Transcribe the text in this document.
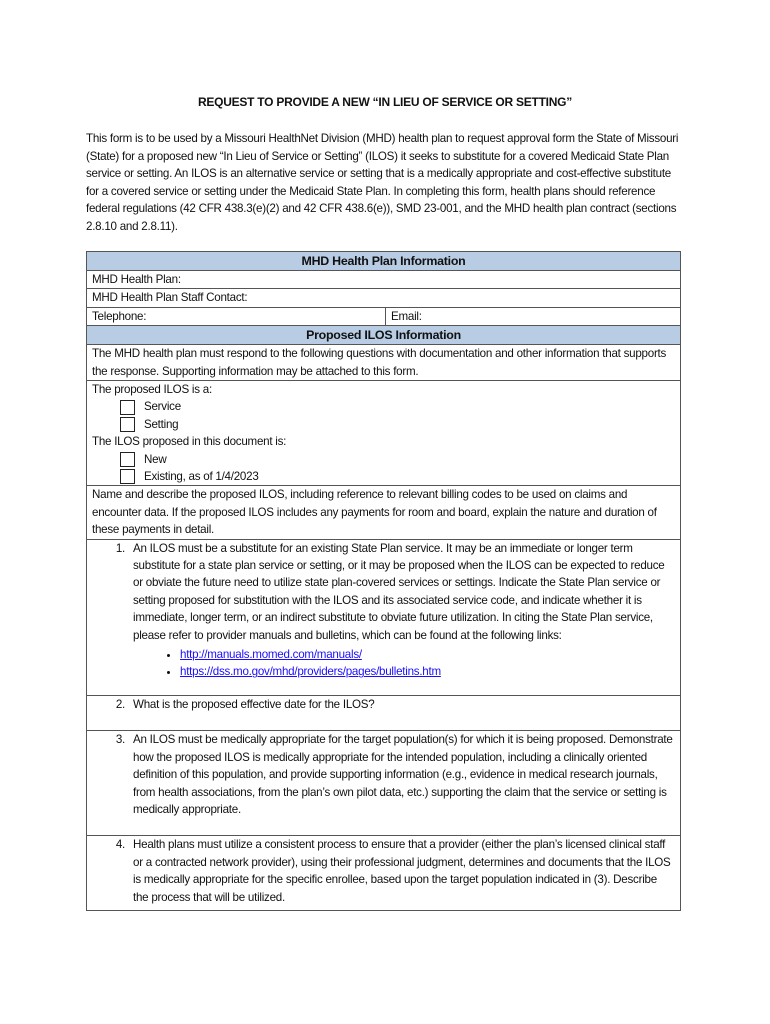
REQUEST TO PROVIDE A NEW “IN LIEU OF SERVICE OR SETTING”
This form is to be used by a Missouri HealthNet Division (MHD) health plan to request approval form the State of Missouri (State) for a proposed new “In Lieu of Service or Setting” (ILOS) it seeks to substitute for a covered Medicaid State Plan service or setting. An ILOS is an alternative service or setting that is a medically appropriate and cost-effective substitute for a covered service or setting under the Medicaid State Plan. In completing this form, health plans should reference federal regulations (42 CFR 438.3(e)(2) and 42 CFR 438.6(e)), SMD 23-001, and the MHD health plan contract (sections 2.8.10 and 2.8.11).
MHD Health Plan Information
MHD Health Plan:
MHD Health Plan Staff Contact:
Telephone:	Email:
Proposed ILOS Information
The MHD health plan must respond to the following questions with documentation and other information that supports the response. Supporting information may be attached to this form.

The proposed ILOS is a:
Service
Setting
The ILOS proposed in this document is:
New
Existing, as of 1/4/2023

Name and describe the proposed ILOS, including reference to relevant billing codes to be used on claims and encounter data. If the proposed ILOS includes any payments for room and board, explain the nature and duration of these payments in detail.

1. An ILOS must be a substitute for an existing State Plan service. It may be an immediate or longer term substitute for a state plan service or setting, or it may be proposed when the ILOS can be expected to reduce or obviate the future need to utilize state plan-covered services or settings. Indicate the State Plan service or setting proposed for substitution with the ILOS and its associated service code, and indicate whether it is immediate, longer term, or an indirect substitute to obviate future utilization. In citing the State Plan service, please refer to provider manuals and bulletins, which can be found at the following links:
• http://manuals.momed.com/manuals/
• https://dss.mo.gov/mhd/providers/pages/bulletins.htm

2. What is the proposed effective date for the ILOS?

3. An ILOS must be medically appropriate for the target population(s) for which it is being proposed. Demonstrate how the proposed ILOS is medically appropriate for the intended population, including a clinically oriented definition of this population, and provide supporting information (e.g., evidence in medical research journals, from health associations, from the plan’s own pilot data, etc.) supporting the claim that the service or setting is medically appropriate.

4. Health plans must utilize a consistent process to ensure that a provider (either the plan’s licensed clinical staff or a contracted network provider), using their professional judgment, determines and documents that the ILOS is medically appropriate for the specific enrollee, based upon the target population indicated in (3). Describe the process that will be utilized.
